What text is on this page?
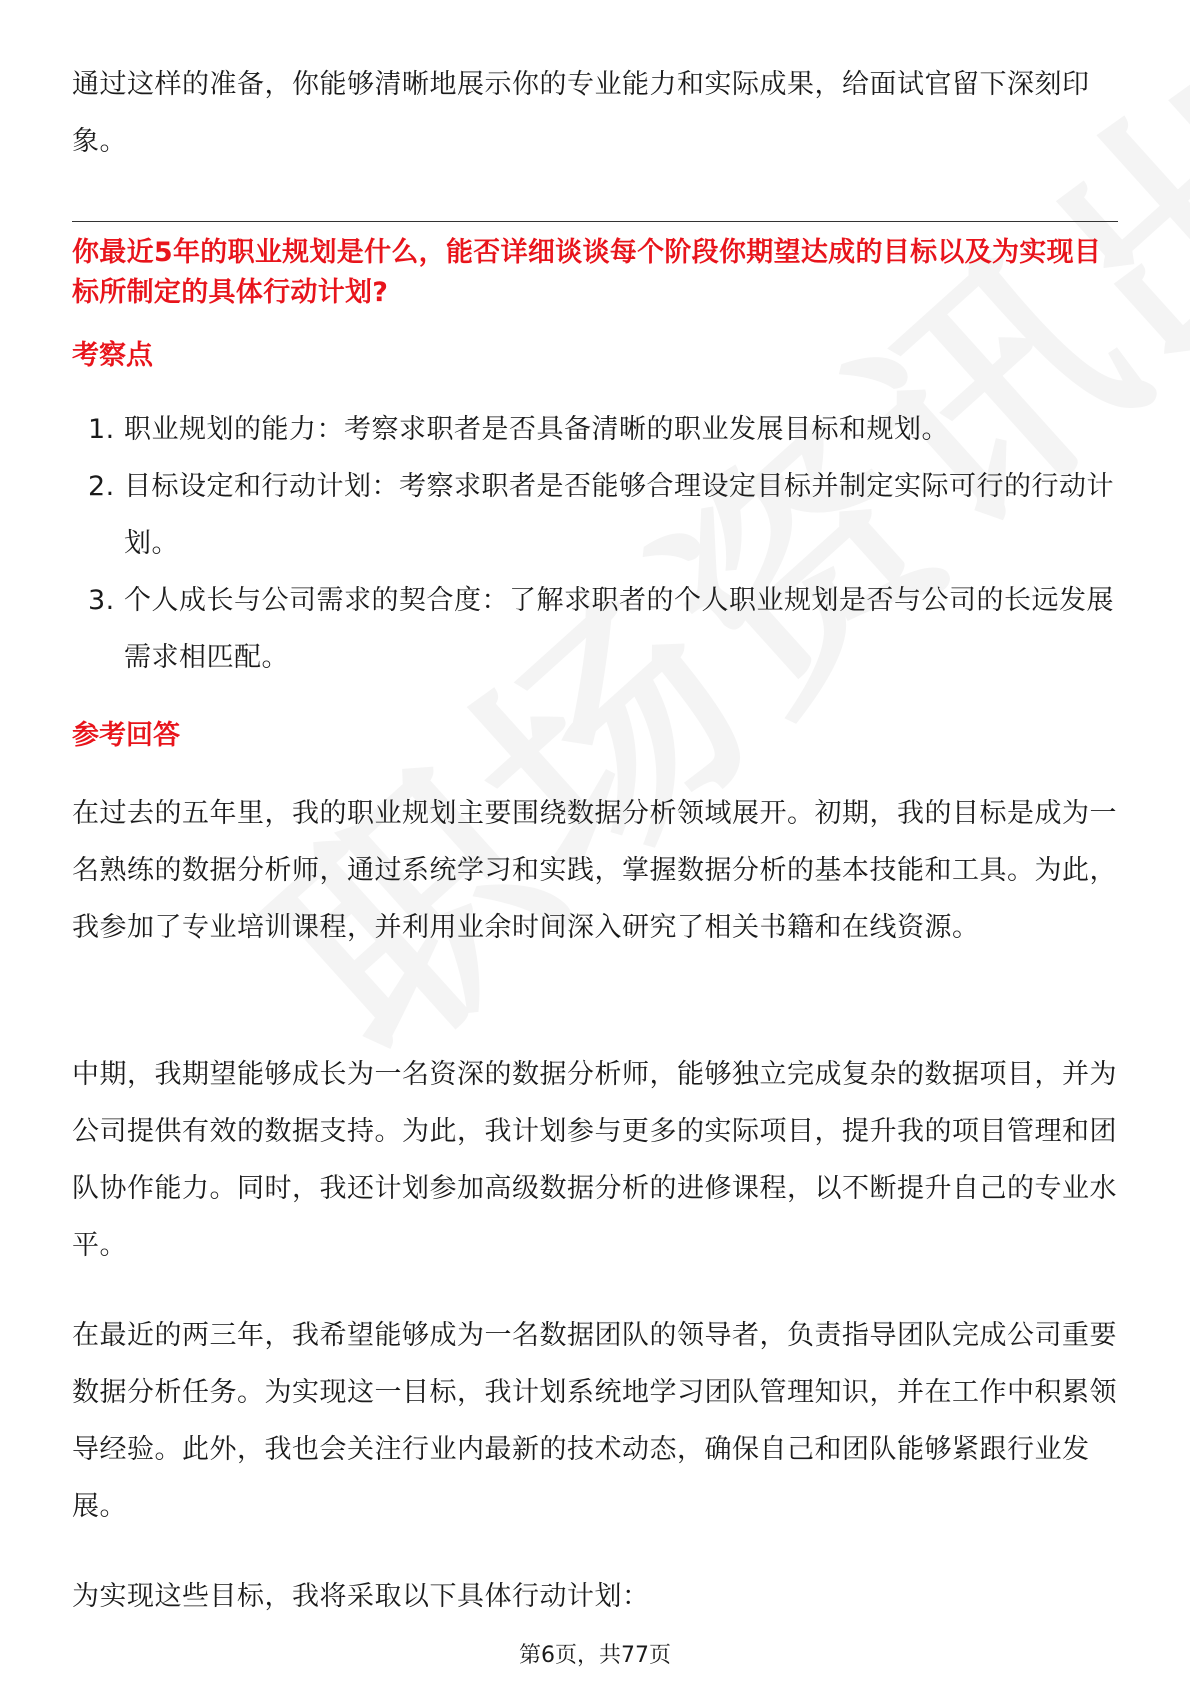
通过这样的准备，你能够清晰地展示你的专业能力和实际成果，给面试官留下深刻印象。

你最近5年的职业规划是什么，能否详细谈谈每个阶段你期望达成的目标以及为实现目标所制定的具体行动计划?

考察点

1. 职业规划的能力：考察求职者是否具备清晰的职业发展目标和规划。
2. 目标设定和行动计划：考察求职者是否能够合理设定目标并制定实际可行的行动计划。
3. 个人成长与公司需求的契合度：了解求职者的个人职业规划是否与公司的长远发展需求相匹配。

参考回答

在过去的五年里，我的职业规划主要围绕数据分析领域展开。初期，我的目标是成为一名熟练的数据分析师，通过系统学习和实践，掌握数据分析的基本技能和工具。为此，我参加了专业培训课程，并利用业余时间深入研究了相关书籍和在线资源。

中期，我期望能够成长为一名资深的数据分析师，能够独立完成复杂的数据项目，并为公司提供有效的数据支持。为此，我计划参与更多的实际项目，提升我的项目管理和团队协作能力。同时，我还计划参加高级数据分析的进修课程，以不断提升自己的专业水平。

在最近的两三年，我希望能够成为一名数据团队的领导者，负责指导团队完成公司重要数据分析任务。为实现这一目标，我计划系统地学习团队管理知识，并在工作中积累领导经验。此外，我也会关注行业内最新的技术动态，确保自己和团队能够紧跟行业发展。

为实现这些目标，我将采取以下具体行动计划：

第6页，共77页
